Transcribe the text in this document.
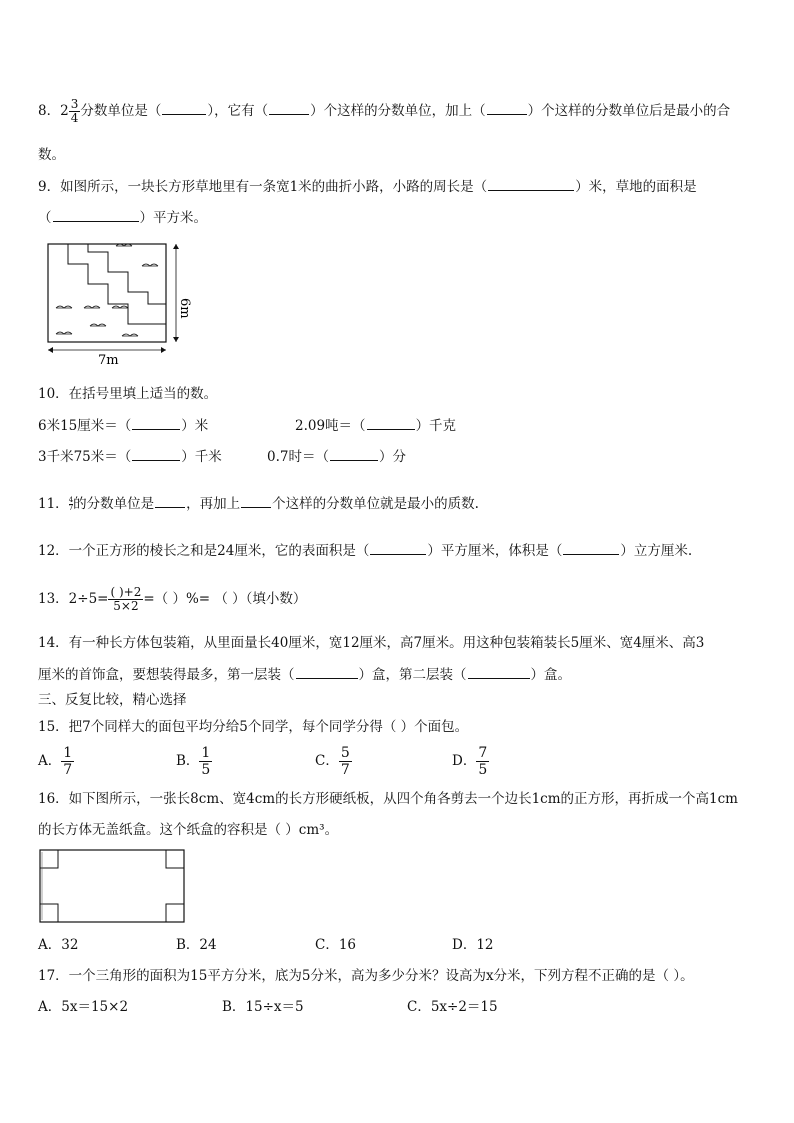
8．$2 \frac{3}{4}$ 分数单位是（	），它有（	）个这样的分数单位，加上（	）个这样的分数单位后是最小的合
数。
9．如图所示，一块长方形草地里有一条宽1米的曲折小路，小路的周长是（	）米，草地的面积是
（	）平方米。
7m
6m
10．在括号里填上适当的数。
6米15厘米＝（	）米	2.09吨＝（	）千克
3千米75米＝（	）千米	0.7时＝（	）分
11． $\frac{4}{7}$ 的分数单位是 ，再加上 个这样的分数单位就是最小的质数.
12．一个正方形的棱长之和是24厘米，它的表面积是（	）平方厘米，体积是（	）立方厘米.
13．$2\div 5= \frac{( )+2}{5\times 2}$ =（ ）%= （ ）（填小数）
14．有一种长方体包装箱，从里面量长40厘米，宽12厘米，高7厘米。用这种包装箱装长5厘米、宽4厘米、高3
厘米的首饰盒，要想装得最多，第一层装（	）盒，第二层装（	）盒。
三、反复比较，精心选择
15．把7个同样大的面包平均分给5个同学，每个同学分得（ ）个面包。
A． $\frac{1}{7}$	B． $\frac{1}{5}$	C． $\frac{5}{7}$	D． $\frac{7}{5}$
16．如下图所示，一张长8cm、宽4cm的长方形硬纸板，从四个角各剪去一个边长1cm的正方形，再折成一个高1cm
的长方体无盖纸盒。这个纸盒的容积是（ ）cm³。
A．32	B．24	C．16	D．12
17．一个三角形的面积为15平方分米，底为5分米，高为多少分米？设高为x分米，下列方程不正确的是（ ）。
A．5x＝15×2	B．15÷x＝5	C．5x÷2＝15
